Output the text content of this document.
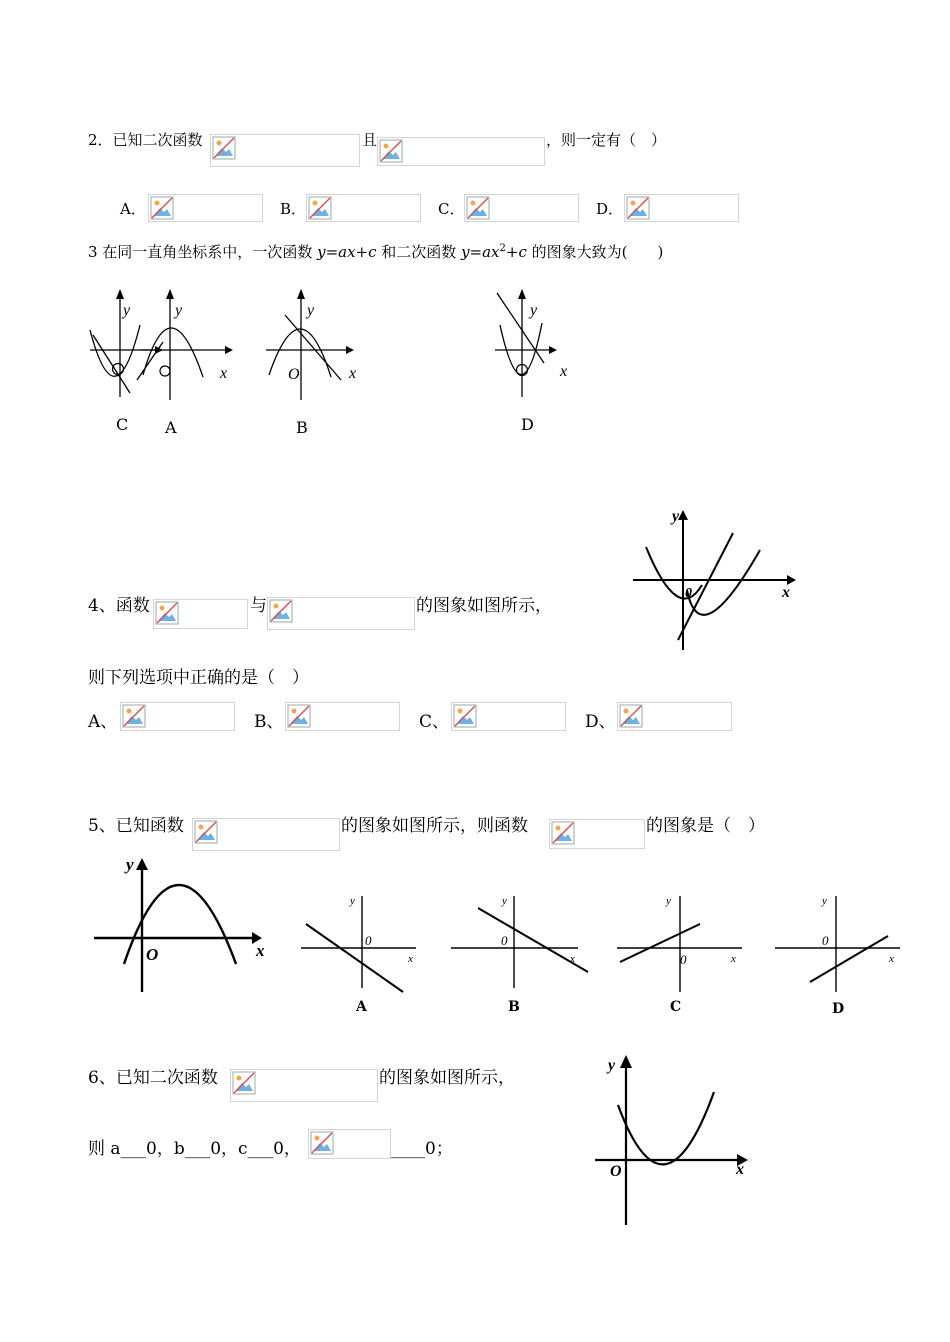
2．已知二次函数	且	，则一定有（　）
A．	B．	C．	D．
3 在同一直角坐标系中，一次函数 y=ax+c 和二次函数 $y=ax^2+c$ 的图象大致为(　　)
y
C
y
x
A
y
x
O
B
y
x
D
4、函数	与	的图象如图所示，
y
x
0
则下列选项中正确的是（　）
A、	B、	C、	D、
5、已知函数	的图象如图所示，则函数	的图象是（　）
y
x
O
y
x
0
A
y
x
0
B
y
x
0
C
y
x
0
D
6、已知二次函数	的图象如图所示，
则 a___0，b___0，c___0，	____0；
y
x
O
